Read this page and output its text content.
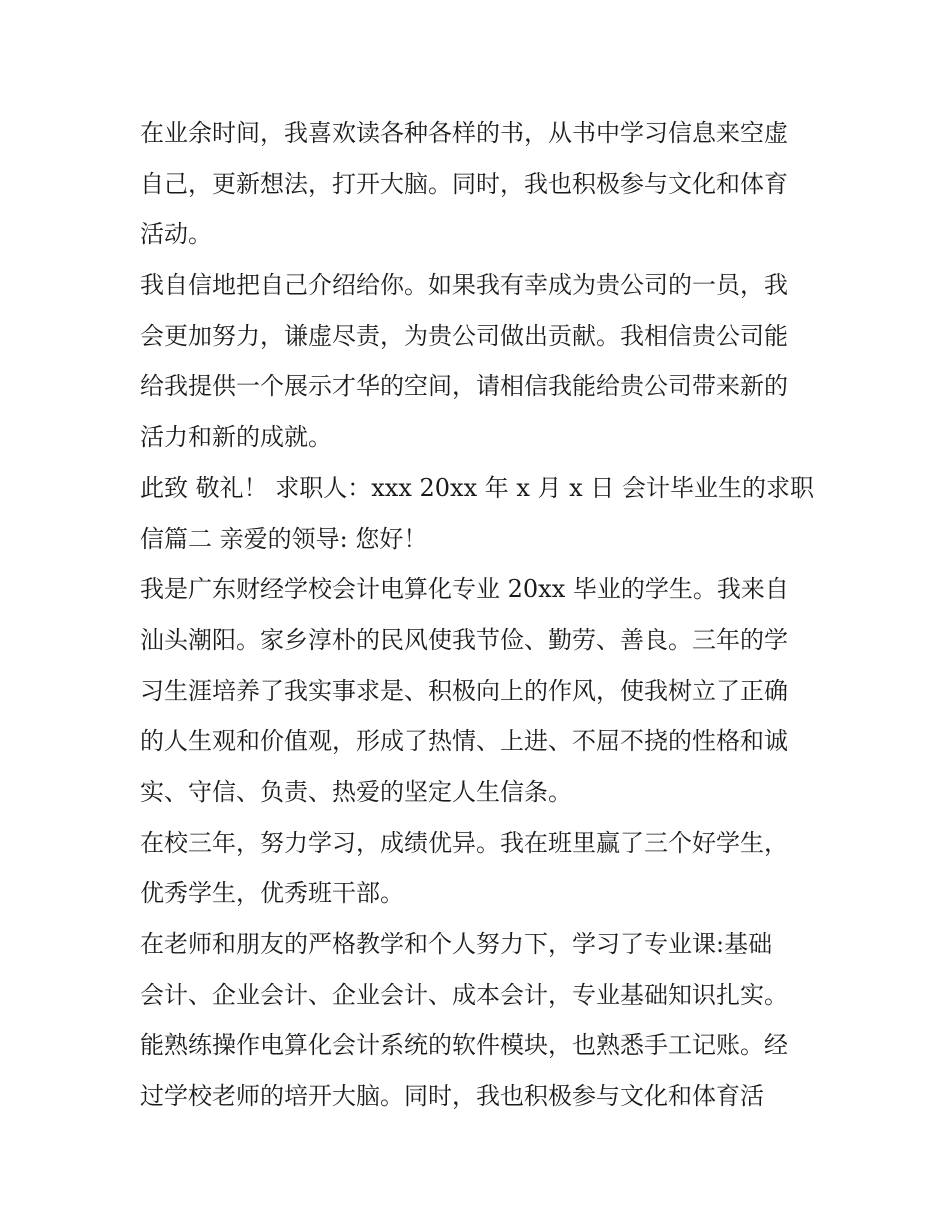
在业余时间，我喜欢读各种各样的书，从书中学习信息来空虚
自己，更新想法，打开大脑。同时，我也积极参与文化和体育
活动。
我自信地把自己介绍给你。如果我有幸成为贵公司的一员，我
会更加努力，谦虚尽责，为贵公司做出贡献。我相信贵公司能
给我提供一个展示才华的空间，请相信我能给贵公司带来新的
活力和新的成就。
此致 敬礼！ 求职人：xxx 20xx 年 x 月 x 日 会计毕业生的求职
信篇二 亲爱的领导: 您好！
我是广东财经学校会计电算化专业 20xx 毕业的学生。我来自
汕头潮阳。家乡淳朴的民风使我节俭、勤劳、善良。三年的学
习生涯培养了我实事求是、积极向上的作风，使我树立了正确
的人生观和价值观，形成了热情、上进、不屈不挠的性格和诚
实、守信、负责、热爱的坚定人生信条。
在校三年，努力学习，成绩优异。我在班里赢了三个好学生，
优秀学生，优秀班干部。
在老师和朋友的严格教学和个人努力下，学习了专业课:基础
会计、企业会计、企业会计、成本会计，专业基础知识扎实。
能熟练操作电算化会计系统的软件模块，也熟悉手工记账。经
过学校老师的培开大脑。同时，我也积极参与文化和体育活
